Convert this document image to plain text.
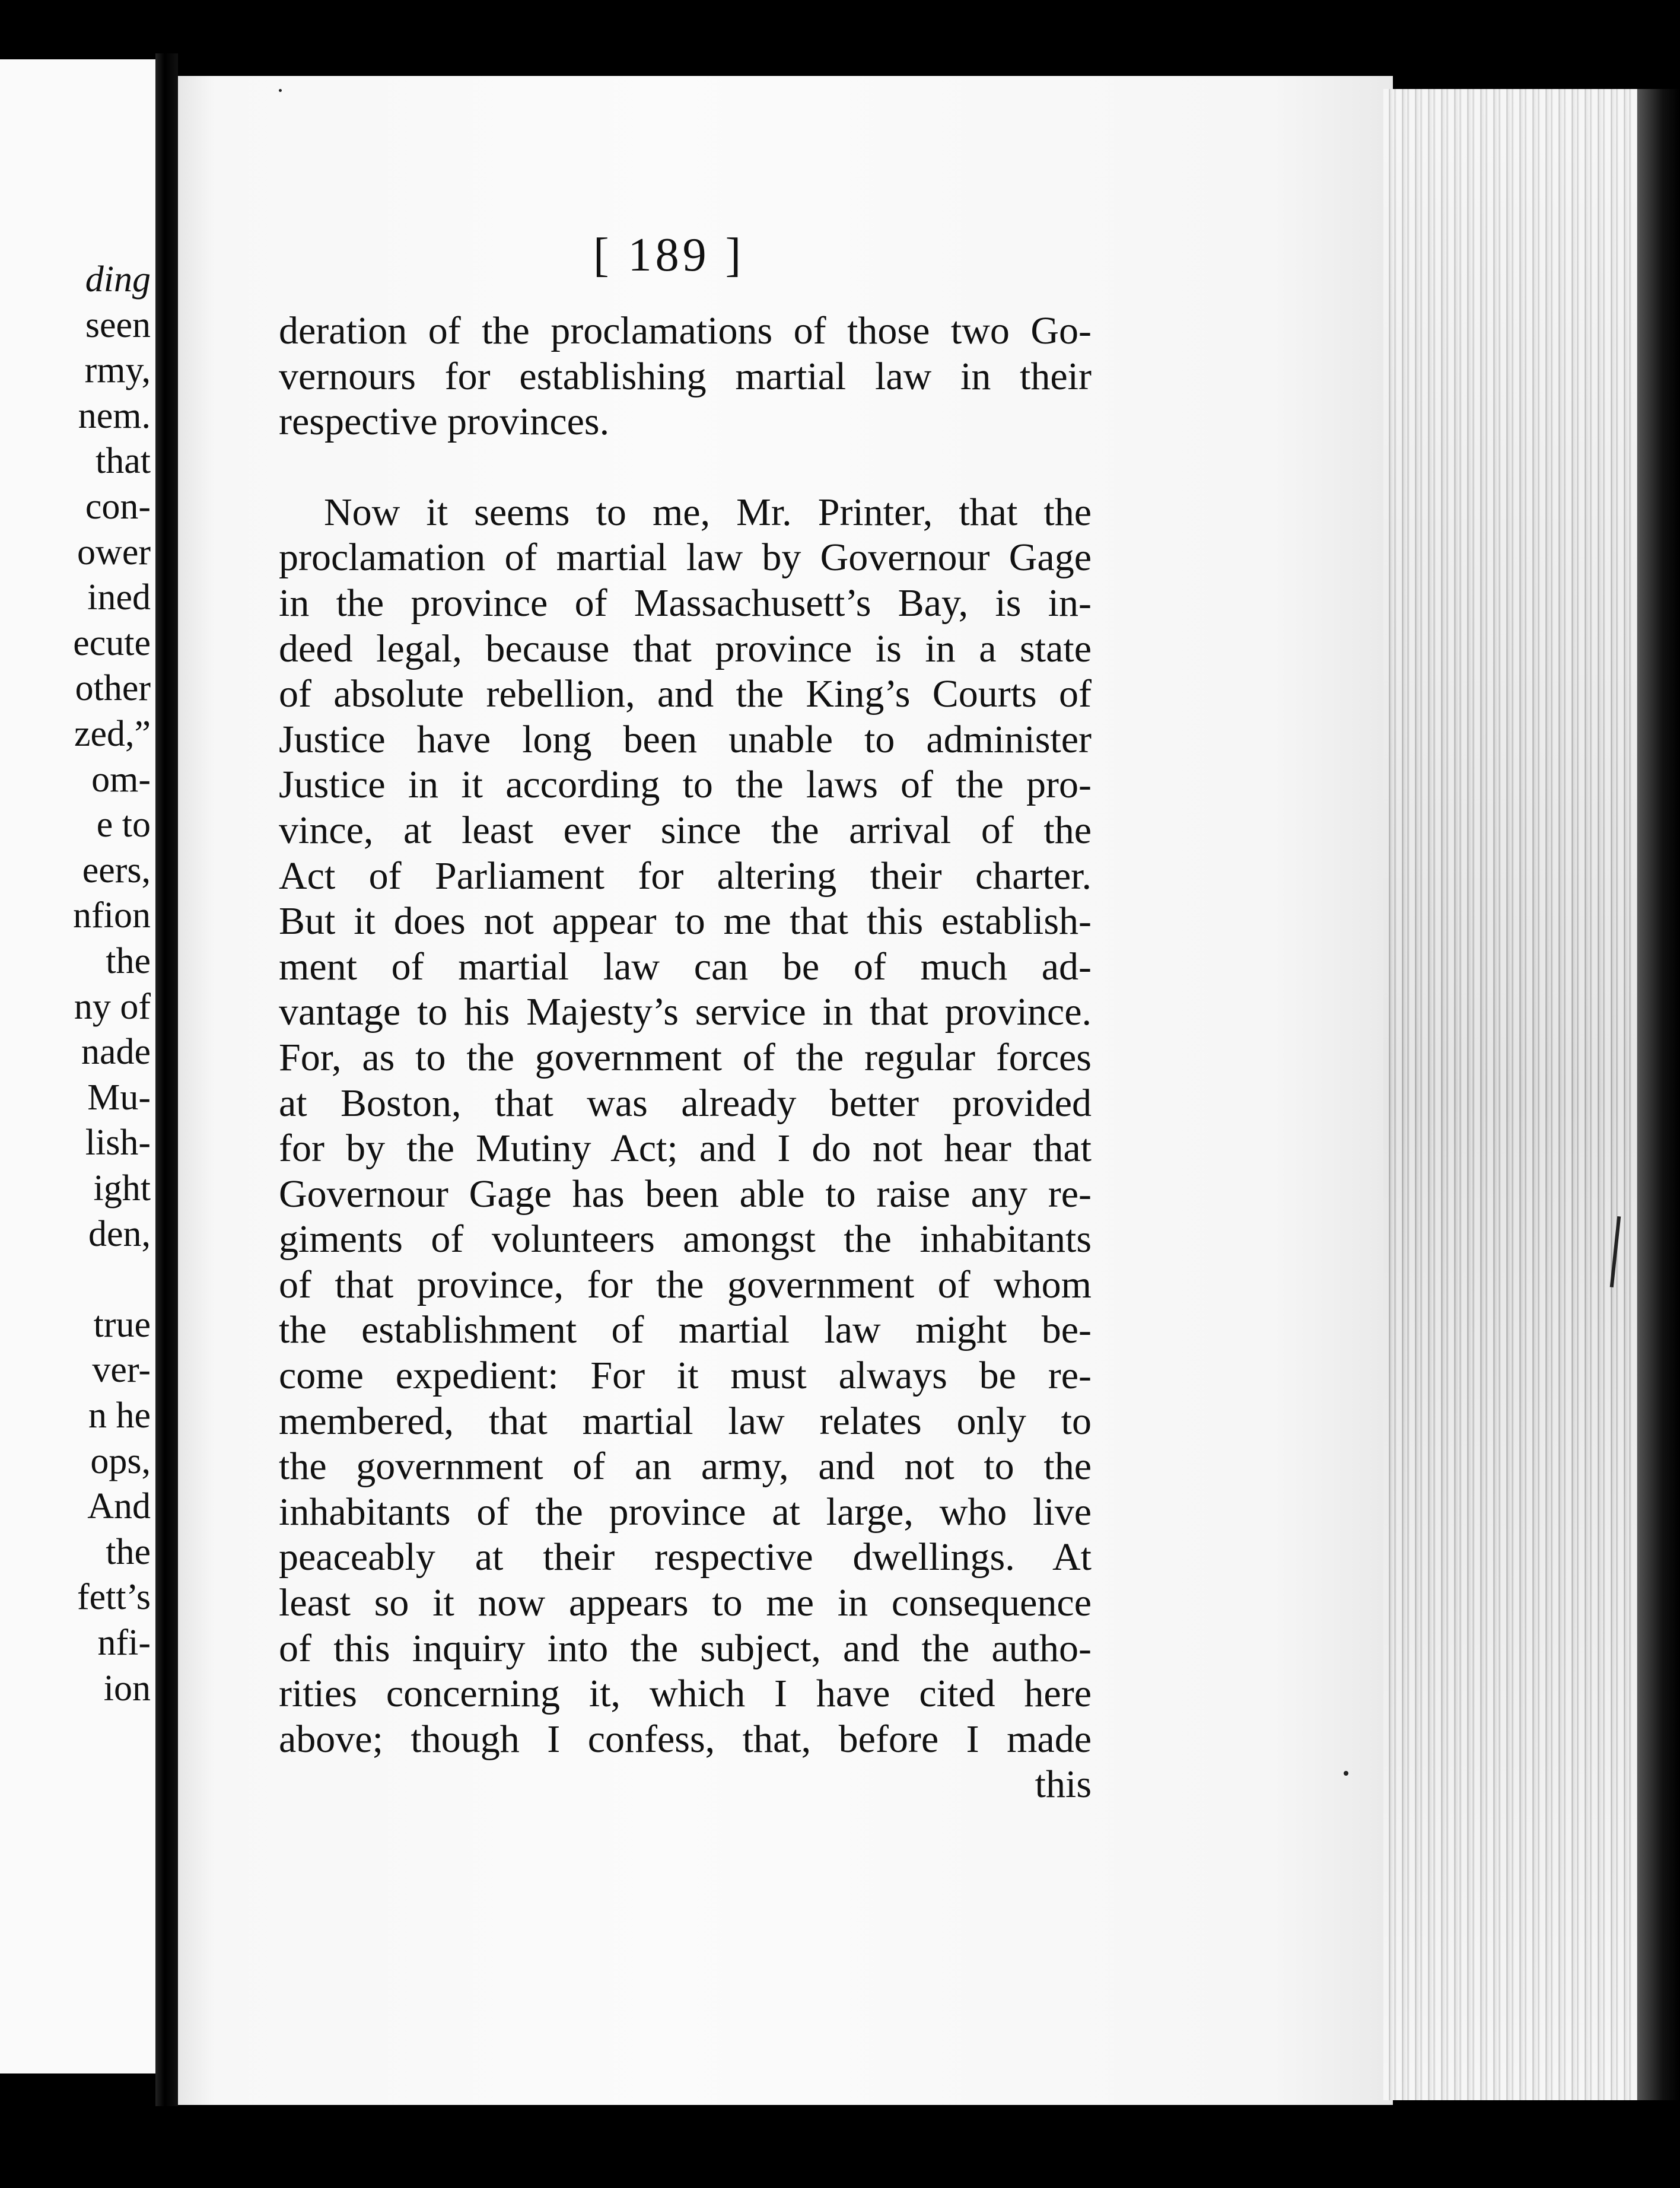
ding
seen
rmy,
nem.
that
con-
ower
ined
ecute
other
zed,”
om-
e to
eers,
nfion
the
ny of
nade
Mu-
lish-
ight
den,
true
ver-
n he
ops,
And
the
fett’s
nfi-
ion
[ 189 ]
deration of the proclamations of those two Go-
vernours for establishing martial law in their
respective provinces.
Now it seems to me, Mr. Printer, that the
proclamation of martial law by Governour Gage
in the province of Massachusett’s Bay, is in-
deed legal, because that province is in a state
of absolute rebellion, and the King’s Courts of
Justice have long been unable to administer
Justice in it according to the laws of the pro-
vince, at least ever since the arrival of the
Act of Parliament for altering their charter.
But it does not appear to me that this establish-
ment of martial law can be of much ad-
vantage to his Majesty’s service in that province.
For, as to the government of the regular forces
at Boston, that was already better provided
for by the Mutiny Act; and I do not hear that
Governour Gage has been able to raise any re-
giments of volunteers amongst the inhabitants
of that province, for the government of whom
the establishment of martial law might be-
come expedient: For it must always be re-
membered, that martial law relates only to
the government of an army, and not to the
inhabitants of the province at large, who live
peaceably at their respective dwellings. At
least so it now appears to me in consequence
of this inquiry into the subject, and the autho-
rities concerning it, which I have cited here
above; though I confess, that, before I made
this
